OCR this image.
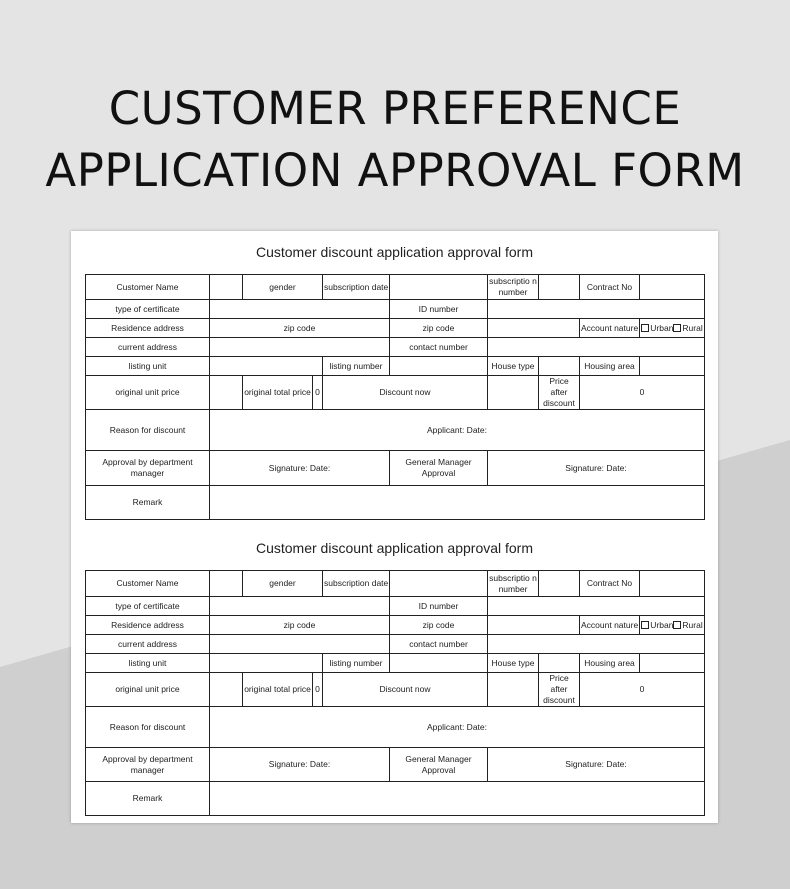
CUSTOMER PREFERENCE
APPLICATION APPROVAL FORM
Customer discount application approval form
Customer Name		gender		subscription date		subscriptio n number		Contract No	
type of certificate					ID number				
Residence address	zip code				zip code			Account nature	Urban Rural
current address					contact number				
listing unit				listing number		House type		Housing area	
original unit price		original total price	0	Discount now			Price after discount	0	
Reason for discount	Applicant: Date:								
Approval by department manager	Signature: Date:				General Manager Approval	Signature: Date:			
Remark									
Customer discount application approval form
Customer Name		gender		subscription date		subscriptio n number		Contract No	
type of certificate					ID number				
Residence address	zip code				zip code			Account nature	Urban Rural
current address					contact number				
listing unit				listing number		House type		Housing area	
original unit price		original total price	0	Discount now			Price after discount	0	
Reason for discount	Applicant: Date:								
Approval by department manager	Signature: Date:				General Manager Approval	Signature: Date:			
Remark									
